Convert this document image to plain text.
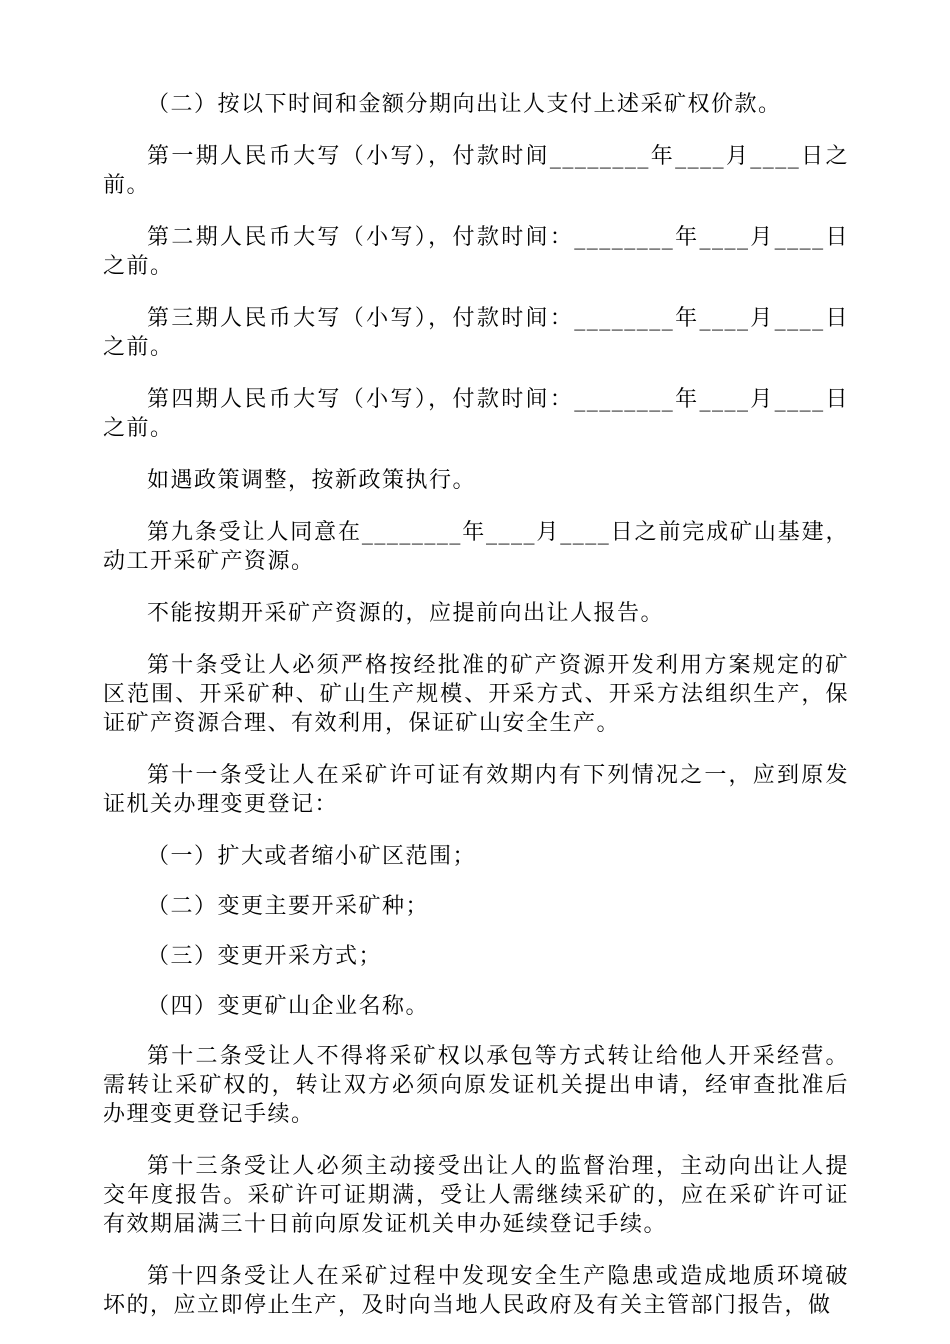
（二）按以下时间和金额分期向出让人支付上述采矿权价款。

第一期人民币大写（小写），付款时间________年____月____日之前。

第二期人民币大写（小写），付款时间：________年____月____日之前。

第三期人民币大写（小写），付款时间：________年____月____日之前。

第四期人民币大写（小写），付款时间：________年____月____日之前。

如遇政策调整，按新政策执行。

第九条受让人同意在________年____月____日之前完成矿山基建，动工开采矿产资源。

不能按期开采矿产资源的，应提前向出让人报告。

第十条受让人必须严格按经批准的矿产资源开发利用方案规定的矿区范围、开采矿种、矿山生产规模、开采方式、开采方法组织生产，保证矿产资源合理、有效利用，保证矿山安全生产。

第十一条受让人在采矿许可证有效期内有下列情况之一，应到原发证机关办理变更登记：

（一）扩大或者缩小矿区范围；

（二）变更主要开采矿种；

（三）变更开采方式；

（四）变更矿山企业名称。

第十二条受让人不得将采矿权以承包等方式转让给他人开采经营。需转让采矿权的，转让双方必须向原发证机关提出申请，经审查批准后办理变更登记手续。

第十三条受让人必须主动接受出让人的监督治理，主动向出让人提交年度报告。采矿许可证期满，受让人需继续采矿的，应在采矿许可证有效期届满三十日前向原发证机关申办延续登记手续。

第十四条受让人在采矿过程中发现安全生产隐患或造成地质环境破坏的，应立即停止生产，及时向当地人民政府及有关主管部门报告，做
